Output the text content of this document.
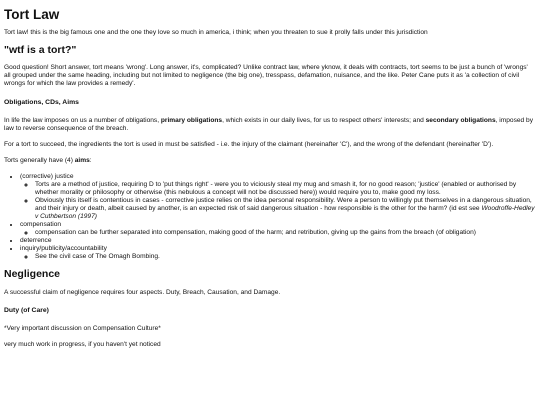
Tort Law

Tort law! this is the big famous one and the one they love so much in america, i think; when you threaten to sue it prolly falls under this jurisdiction

"wtf is a tort?"

Good question! Short answer, tort means 'wrong'. Long answer, it's, complicated? Unlike contract law, where yknow, it deals with contracts, tort seems to be just a bunch of 'wrongs' all grouped under the same heading, including but not limited to negligence (the big one), tresspass, defamation, nuisance, and the like. Peter Cane puts it as 'a collection of civil wrongs for which the law provides a remedy'.

Obligations, CDs, Aims

In life the law imposes on us a number of obligations, primary obligations, which exists in our daily lives, for us to respect others' interests; and secondary obligations, imposed by law to reverse consequence of the breach.

For a tort to succeed, the ingredients the tort is used in must be satisfied - i.e. the injury of the claimant (hereinafter 'C'), and the wrong of the defendant (hereinafter 'D').

Torts generally have (4) aims:

• (corrective) justice
◦ Torts are a method of justice, requiring D to 'put things right' - were you to viciously steal my mug and smash it, for no good reason; 'justice' (enabled or authorised by whether morality or philosophy or otherwise (this nebulous a concept will not be discussed here)) would require you to, make good my loss.
◦ Obviously this itself is contentious in cases - corrective justice relies on the idea personal responsibility. Were a person to willingly put themselves in a dangerous situation, and their injury or death, albeit caused by another, is an expected risk of said dangerous situation - how responsible is the other for the harm? (id est see Woodroffe-Hedley v Cuthbertson (1997)
• compensation
◦ compensation can be further separated into compensation, making good of the harm; and retribution, giving up the gains from the breach (of obligation)
• deterrence
• inquiry/publicity/accountability
◦ See the civil case of The Omagh Bombing.
Negligence

A successful claim of negligence requires four aspects. Duty, Breach, Causation, and Damage.

Duty (of Care)

*Very important discussion on Compensation Culture*

very much work in progress, if you haven't yet noticed
